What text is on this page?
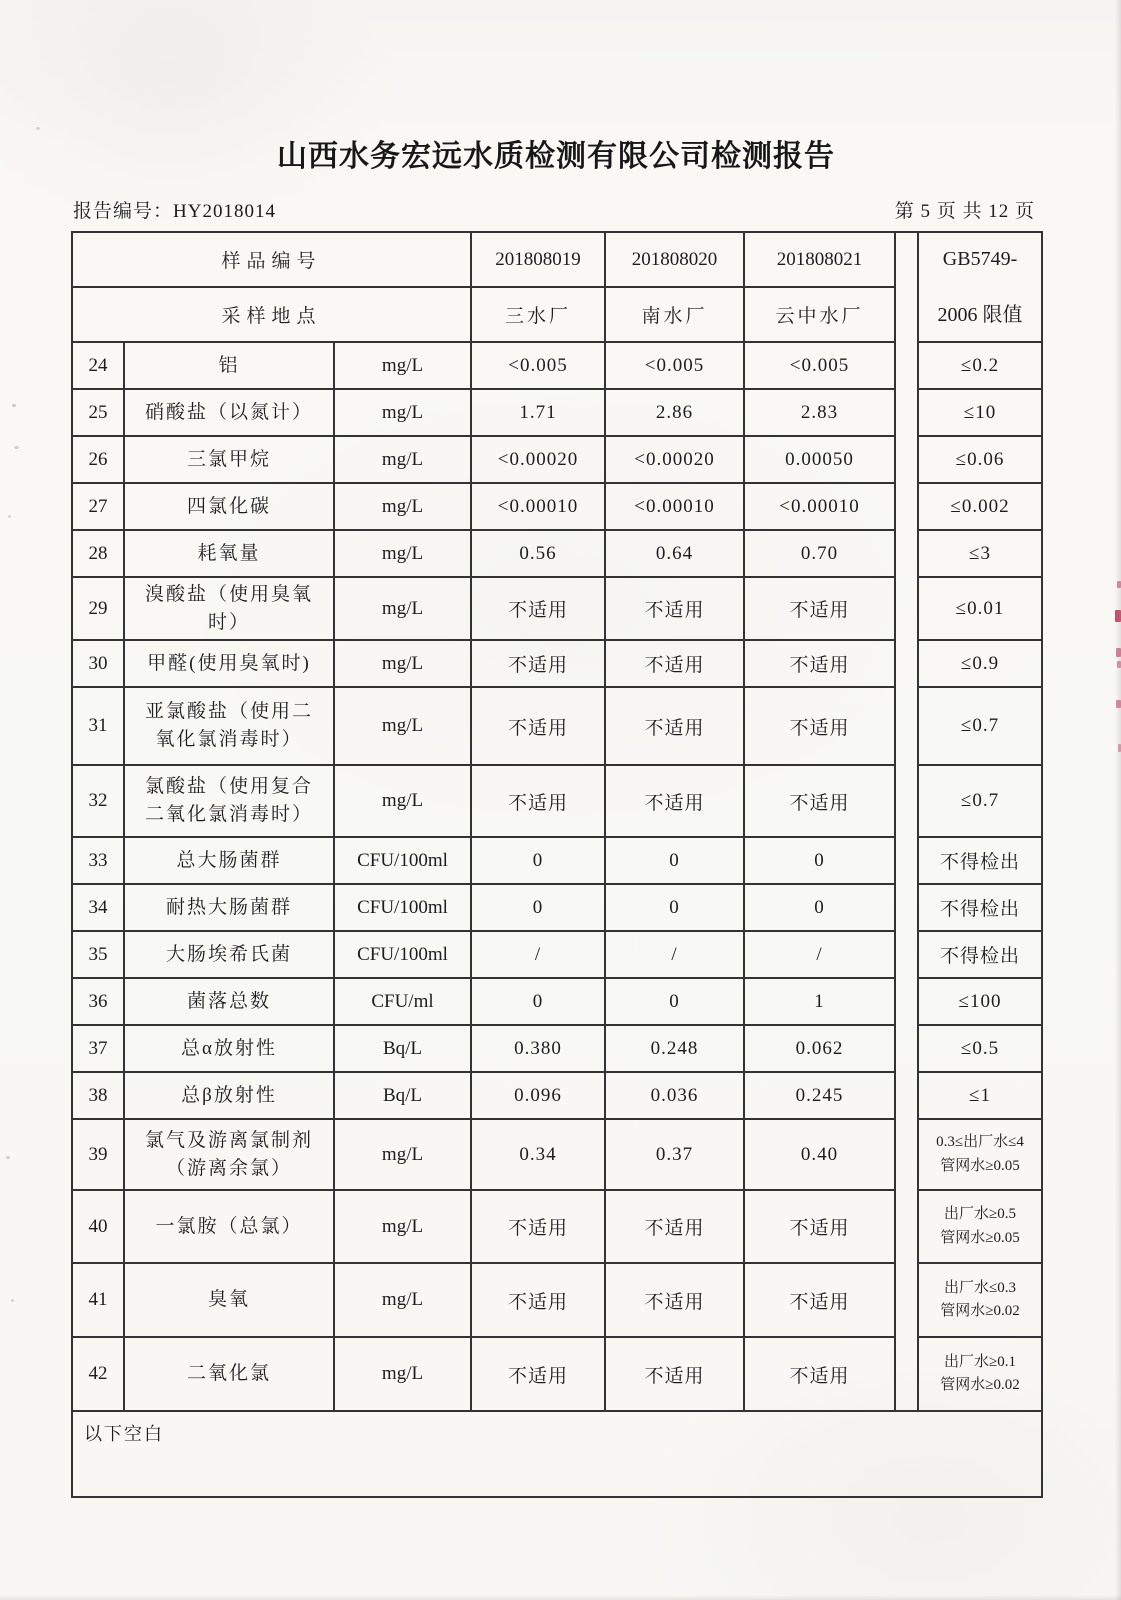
山西水务宏远水质检测有限公司检测报告
报告编号：HY2018014	第 5 页 共 12 页
样品编号			201808019	201808020	201808021		GB5749-
2006 限值

采样地点			三水厂	南水厂	云中水厂		
24	铝	mg/L	<0.005	<0.005	<0.005		≤0.2
25	硝酸盐（以氮计）	mg/L	1.71	2.86	2.83		≤10
26	三氯甲烷	mg/L	<0.00020	<0.00020	0.00050		≤0.06
27	四氯化碳	mg/L	<0.00010	<0.00010	<0.00010		≤0.002
28	耗氧量	mg/L	0.56	0.64	0.70		≤3
29	溴酸盐（使用臭氧
时）	mg/L	不适用	不适用	不适用		≤0.01
30	甲醛(使用臭氧时)	mg/L	不适用	不适用	不适用		≤0.9
31	亚氯酸盐（使用二
氧化氯消毒时）	mg/L	不适用	不适用	不适用		≤0.7
32	氯酸盐（使用复合
二氧化氯消毒时）	mg/L	不适用	不适用	不适用		≤0.7
33	总大肠菌群	CFU/100ml	0	0	0		不得检出
34	耐热大肠菌群	CFU/100ml	0	0	0		不得检出
35	大肠埃希氏菌	CFU/100ml	/	/	/		不得检出
36	菌落总数	CFU/ml	0	0	1		≤100
37	总α放射性	Bq/L	0.380	0.248	0.062		≤0.5
38	总β放射性	Bq/L	0.096	0.036	0.245		≤1
39	氯气及游离氯制剂
（游离余氯）	mg/L	0.34	0.37	0.40		0.3≤出厂水≤4
管网水≥0.05
40	一氯胺（总氯）	mg/L	不适用	不适用	不适用		出厂水≥0.5
管网水≥0.05
41	臭氧	mg/L	不适用	不适用	不适用		出厂水≤0.3
管网水≥0.02
42	二氧化氯	mg/L	不适用	不适用	不适用		出厂水≥0.1
管网水≥0.02
以下空白							
